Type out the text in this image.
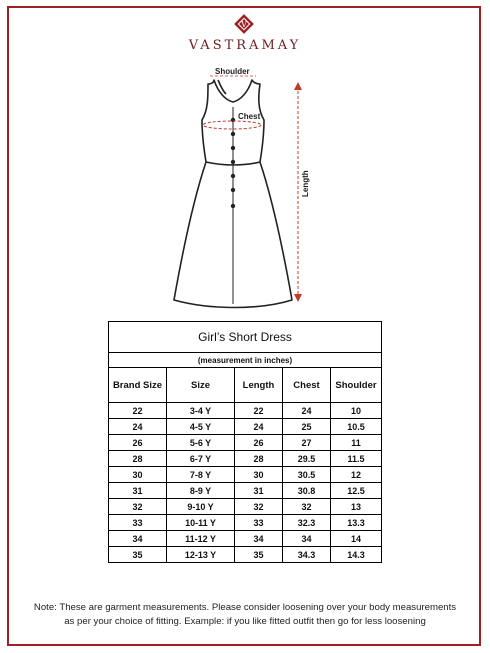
V
VASTRAMAY
Shoulder
Chest
Length
Girl’s Short Dress				
(measurement in inches)				
Brand Size	Size	Length	Chest	Shoulder
22	3-4 Y	22	24	10
24	4-5 Y	24	25	10.5
26	5-6 Y	26	27	11
28	6-7 Y	28	29.5	11.5
30	7-8 Y	30	30.5	12
31	8-9 Y	31	30.8	12.5
32	9-10 Y	32	32	13
33	10-11 Y	33	32.3	13.3
34	11-12 Y	34	34	14
35	12-13 Y	35	34.3	14.3
Note: These are garment measurements. Please consider loosening over your body measurements
as per your choice of fitting. Example: if you like fitted outfit then go for less loosening
